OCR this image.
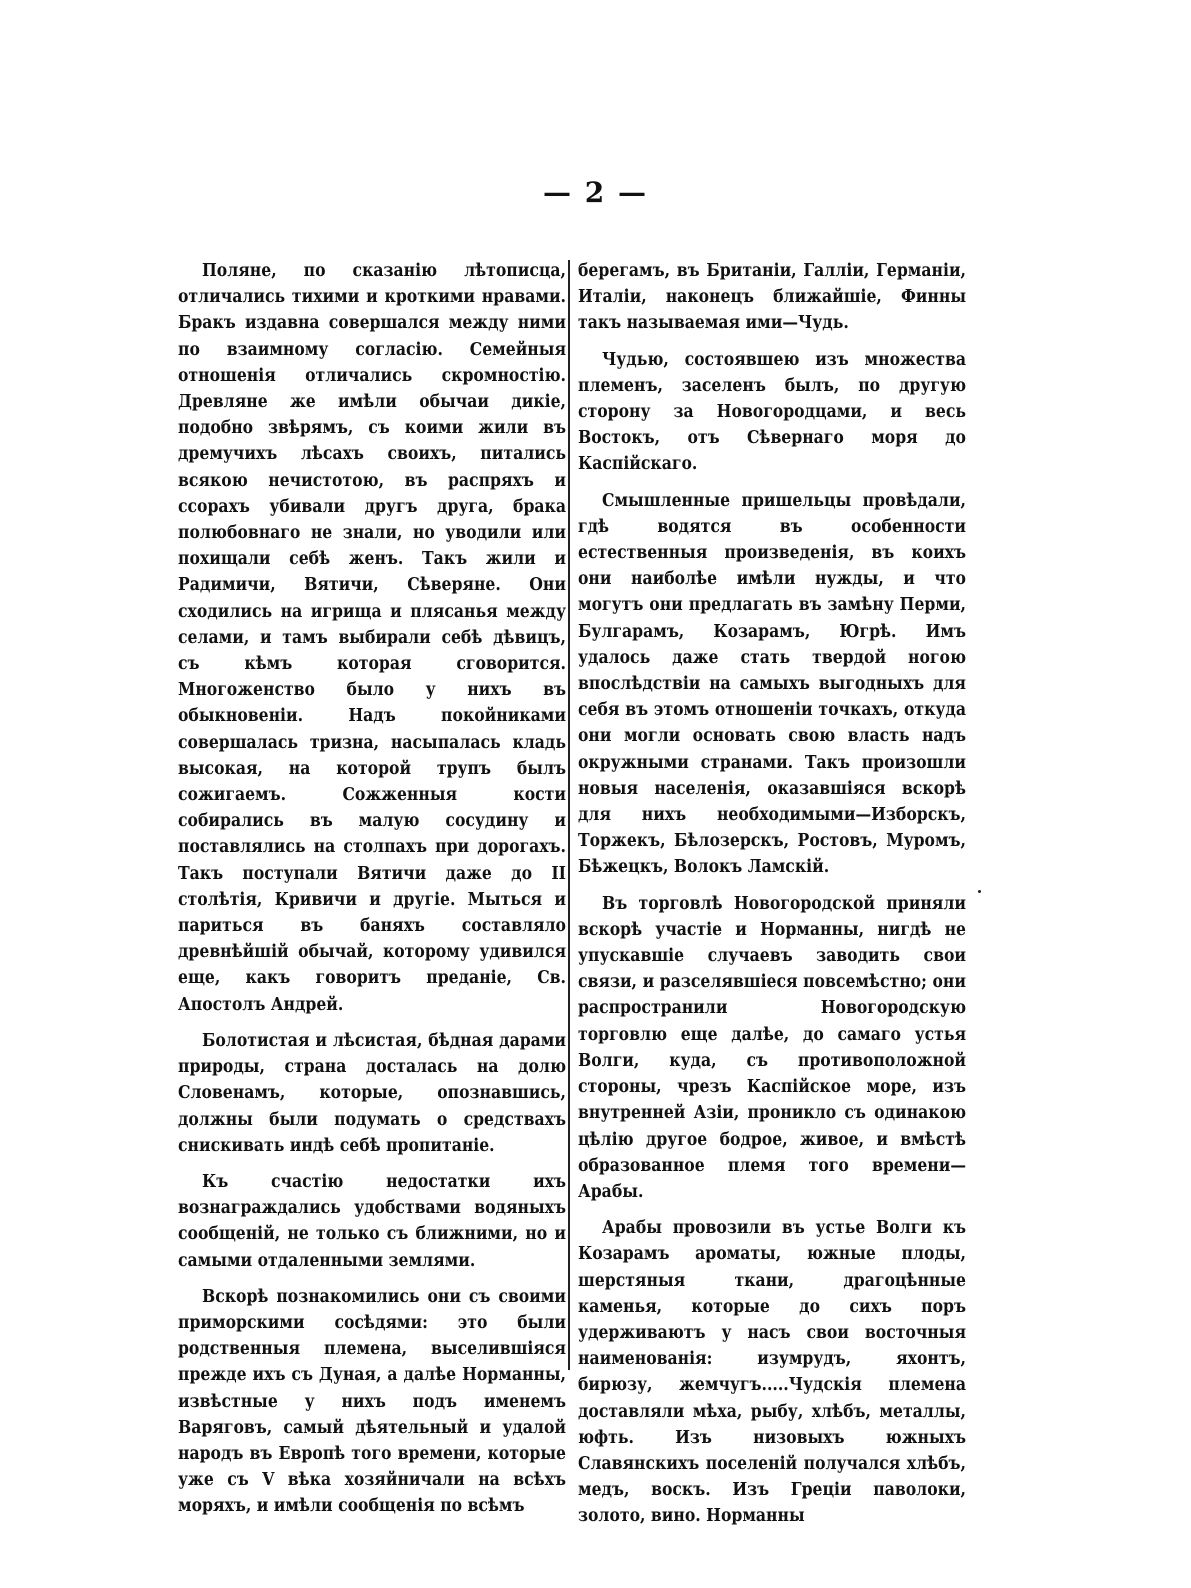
— 2 —

Поляне, по сказанію лѣтописца, отличались тихими и кроткими нравами. Бракъ издавна совершался между ними по взаимному согласію. Семейныя отношенія отличались скромностію. Древляне же имѣли обычаи дикіе, подобно звѣрямъ, съ коими жили въ дремучихъ лѣсахъ своихъ, питались всякою нечистотою, въ распряхъ и ссорахъ убивали другъ друга, брака полюбовнаго не знали, но уводили или похищали себѣ женъ. Такъ жили и Радимичи, Вятичи, Сѣверяне. Они сходились на игрища и плясанья между селами, и тамъ выбирали себѣ дѣвицъ, съ кѣмъ которая сговорится. Многоженство было у нихъ въ обыкновеніи. Надъ покойниками совершалась тризна, насыпалась кладь высокая, на которой трупъ былъ сожигаемъ. Сожженныя кости собирались въ малую сосудину и поставлялись на столпахъ при дорогахъ. Такъ поступали Вятичи даже до II столѣтія, Кривичи и другіе. Мыться и париться въ баняхъ составляло древнѣйшій обычай, которому удивился еще, какъ говоритъ преданіе, Св. Апостолъ Андрей.

Болотистая и лѣсистая, бѣдная дарами природы, страна досталась на долю Словенамъ, которые, опознавшись, должны были подумать о средствахъ снискивать индѣ себѣ пропитаніе.

Къ счастію недостатки ихъ вознаграждались удобствами водяныхъ сообщеній, не только съ ближними, но и самыми отдаленными землями.

Вскорѣ познакомились они съ своими приморскими сосѣдями: это были родственныя племена, выселившіяся прежде ихъ съ Дуная, а далѣе Норманны, извѣстные у нихъ подъ именемъ Варяговъ, самый дѣятельный и удалой народъ въ Европѣ того времени, которые уже съ V вѣка хозяйничали на всѣхъ моряхъ, и имѣли сообщенія по всѣмъ

берегамъ, въ Британіи, Галліи, Германіи, Италіи, наконецъ ближайшіе, Финны такъ называемая ими—Чудь.

Чудью, состоявшею изъ множества племенъ, заселенъ былъ, по другую сторону за Новогородцами, и весь Востокъ, отъ Сѣвернаго моря до Каспійскаго.

Смышленные пришельцы провѣдали, гдѣ водятся въ особенности естественныя произведенія, въ коихъ они наиболѣе имѣли нужды, и что могутъ они предлагать въ замѣну Перми, Булгарамъ, Козарамъ, Югрѣ. Имъ удалось даже стать твердой ногою впослѣдствіи на самыхъ выгодныхъ для себя въ этомъ отношеніи точкахъ, откуда они могли основать свою власть надъ окружными странами. Такъ произошли новыя населенія, оказавшіяся вскорѣ для нихъ необходимыми—Изборскъ, Торжекъ, Бѣлозерскъ, Ростовъ, Муромъ, Бѣжецкъ, Волокъ Ламскій.

Въ торговлѣ Новогородской приняли вскорѣ участіе и Норманны, нигдѣ не упускавшіе случаевъ заводить свои связи, и разселявшіеся повсемѣстно; они распространили Новогородскую торговлю еще далѣе, до самаго устья Волги, куда, съ противоположной стороны, чрезъ Каспійское море, изъ внутренней Азіи, проникло съ одинакою цѣлію другое бодрое, живое, и вмѣстѣ образованное племя того времени—Арабы.

Арабы провозили въ устье Волги къ Козарамъ ароматы, южные плоды, шерстяныя ткани, драгоцѣнные каменья, которые до сихъ поръ удерживаютъ у насъ свои восточныя наименованія: изумрудъ, яхонтъ, бирюзу, жемчугъ.....Чудскія племена доставляли мѣха, рыбу, хлѣбъ, металлы, юфть. Изъ низовыхъ южныхъ Славянскихъ поселеній получался хлѣбъ, медъ, воскъ. Изъ Греціи паволоки, золото, вино. Норманны
